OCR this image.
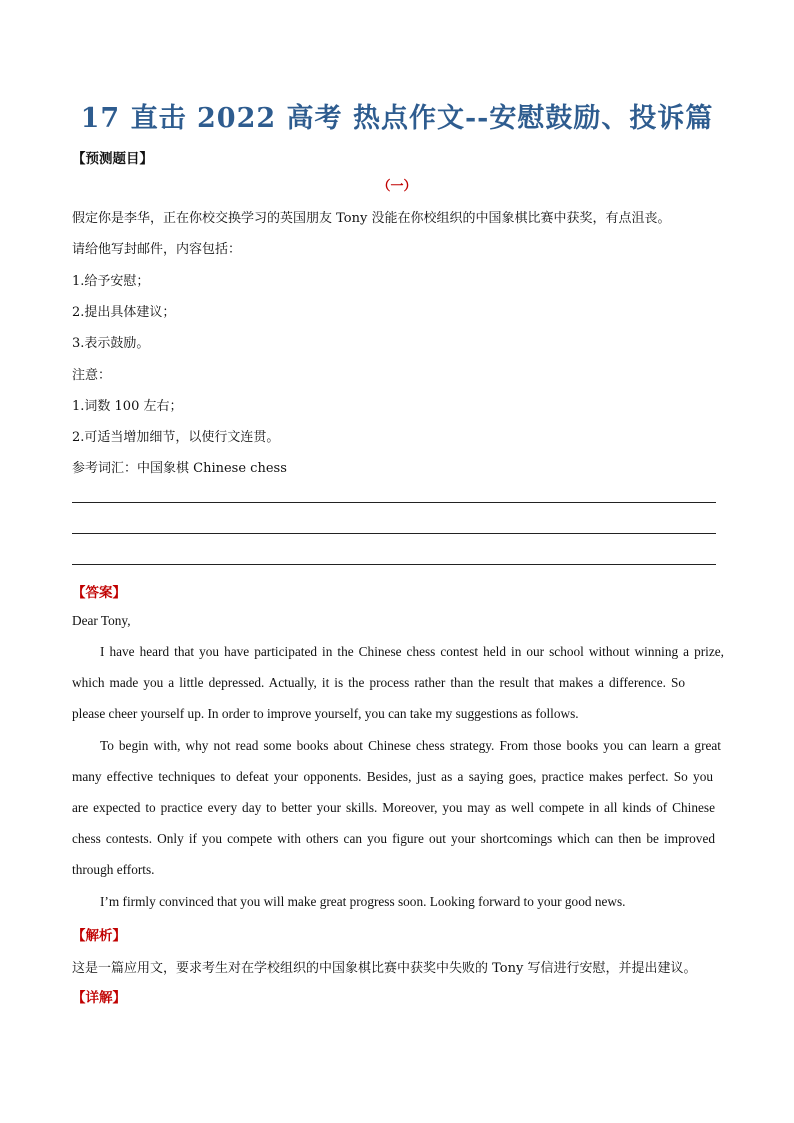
17 直击 2022 高考 热点作文--安慰鼓励、投诉篇
【预测题目】
（一）
假定你是李华，正在你校交换学习的英国朋友 Tony 没能在你校组织的中国象棋比赛中获奖，有点沮丧。
请给他写封邮件，内容包括：
1.给予安慰；
2.提出具体建议；
3.表示鼓励。
注意：
1.词数 100 左右；
2.可适当增加细节，以使行文连贯。
参考词汇：中国象棋 Chinese chess
【答案】
Dear Tony,
I have heard that you have participated in the Chinese chess contest held in our school without winning a prize,
which made you a little depressed. Actually, it is the process rather than the result that makes a difference. So
please cheer yourself up. In order to improve yourself, you can take my suggestions as follows.
To begin with, why not read some books about Chinese chess strategy. From those books you can learn a great
many effective techniques to defeat your opponents. Besides, just as a saying goes, practice makes perfect. So you
are expected to practice every day to better your skills. Moreover, you may as well compete in all kinds of Chinese
chess contests. Only if you compete with others can you figure out your shortcomings which can then be improved
through efforts.
I’m firmly convinced that you will make great progress soon. Looking forward to your good news.
【解析】
这是一篇应用文，要求考生对在学校组织的中国象棋比赛中获奖中失败的 Tony 写信进行安慰，并提出建议。
【详解】
